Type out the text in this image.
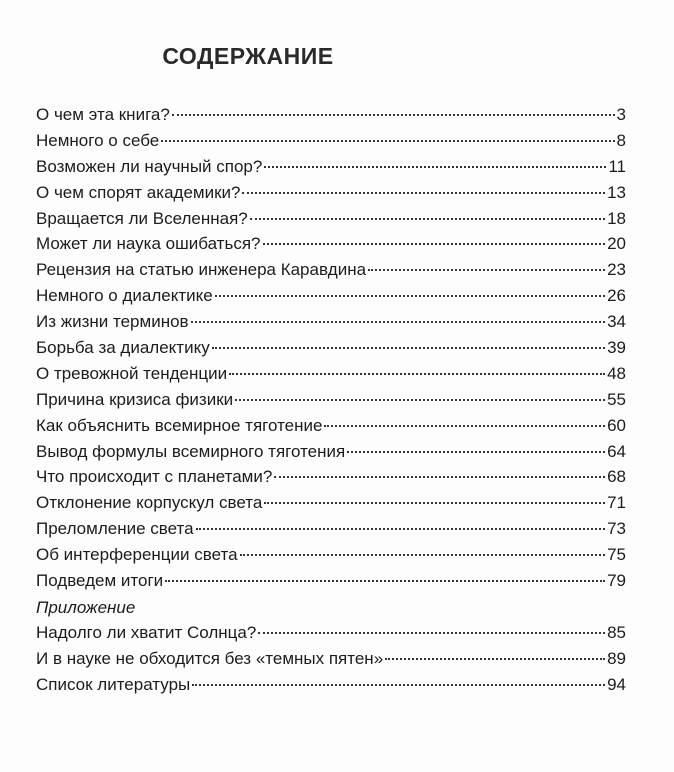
СОДЕРЖАНИЕ
О чем эта книга?	3
Немного о себе	8
Возможен ли научный спор?	11
О чем спорят академики?	13
Вращается ли Вселенная?	18
Может ли наука ошибаться?	20
Рецензия на статью инженера Каравдина	23
Немного о диалектике	26
Из жизни терминов	34
Борьба за диалектику	39
О тревожной тенденции	48
Причина кризиса физики	55
Как объяснить всемирное тяготение	60
Вывод формулы всемирного тяготения	64
Что происходит с планетами?	68
Отклонение корпускул света	71
Преломление света	73
Об интерференции света	75
Подведем итоги	79
Приложение
Надолго ли хватит Солнца?	85
И в науке не обходится без «темных пятен»	89
Список литературы	94
